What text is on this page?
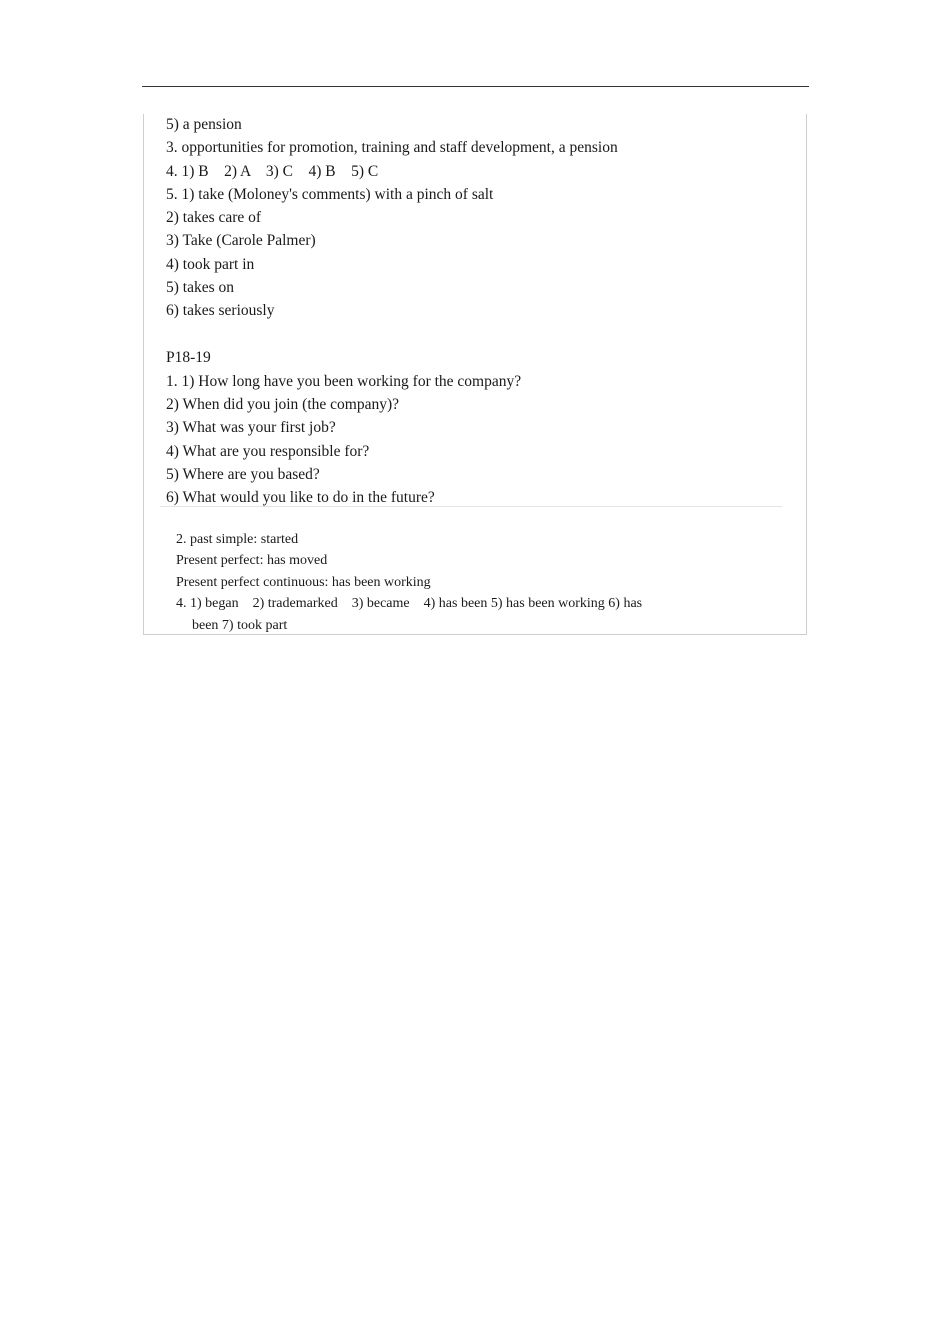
5) a pension
3. opportunities for promotion, training and staff development, a pension
4. 1) B    2) A    3) C    4) B    5) C
5. 1) take (Moloney's comments) with a pinch of salt
2) takes care of
3) Take (Carole Palmer)
4) took part in
5) takes on
6) takes seriously
P18-19
1. 1) How long have you been working for the company?
2) When did you join (the company)?
3) What was your first job?
4) What are you responsible for?
5) Where are you based?
6) What would you like to do in the future?
2. past simple: started
Present perfect: has moved
Present perfect continuous: has been working
4. 1) began    2) trademarked    3) became    4) has been 5) has been working 6) has
been 7) took part
